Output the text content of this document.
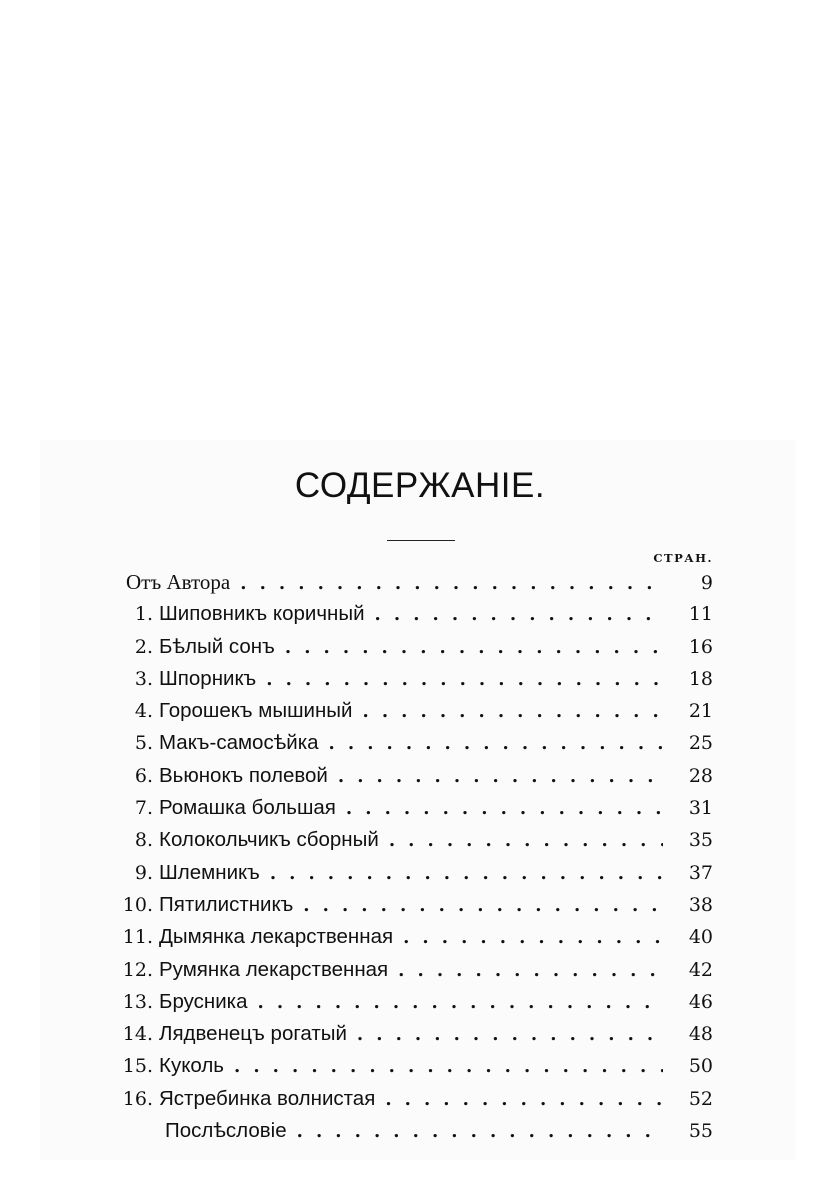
СОДЕРЖАНІЕ.
СТРАН.
Отъ Автора . . .	9
1. Шиповникъ коричный . . .	11
2. Бѣлый сонъ . . .	16
3. Шпорникъ . . .	18
4. Горошекъ мышиный . . .	21
5. Макъ-самосѣйка . . .	25
6. Вьюнокъ полевой . . .	28
7. Ромашка большая . . .	31
8. Колокольчикъ сборный . . .	35
9. Шлемникъ . . .	37
10. Пятилистникъ . . .	38
11. Дымянка лекарственная . . .	40
12. Румянка лекарственная . . .	42
13. Брусника . . .	46
14. Лядвенецъ рогатый . . .	48
15. Куколь . . .	50
16. Ястребинка волнистая . . .	52
Послѣсловіе . . .	55
